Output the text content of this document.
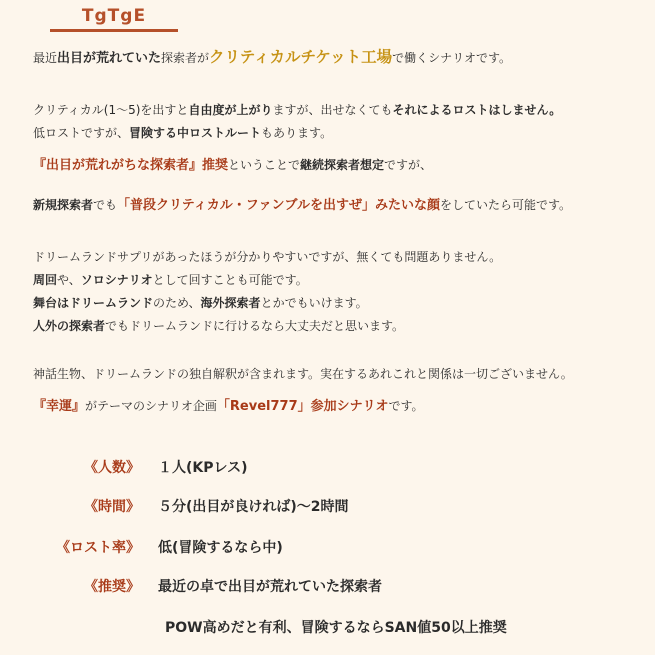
TgTgE
最近出目が荒れていた探索者がクリティカルチケット工場で働くシナリオです。
クリティカル(1～5)を出すと自由度が上がりますが、出せなくてもそれによるロストはしません。
低ロストですが、冒険する中ロストルートもあります。
『出目が荒れがちな探索者』推奨ということで継続探索者想定ですが、
新規探索者でも「普段クリティカル・ファンブルを出すぜ」みたいな顔をしていたら可能です。
ドリームランドサプリがあったほうが分かりやすいですが、無くても問題ありません。
周回や、ソロシナリオとして回すことも可能です。
舞台はドリームランドのため、海外探索者とかでもいけます。
人外の探索者でもドリームランドに行けるなら大丈夫だと思います。
神話生物、ドリームランドの独自解釈が含まれます。実在するあれこれと関係は一切ございません。
『幸運』がテーマのシナリオ企画「Revel777」参加シナリオです。
《人数》 １人(KPレス)
《時間》 ５分(出目が良ければ)～2時間
《ロスト率》 低(冒険するなら中)
《推奨》 最近の卓で出目が荒れていた探索者
POW高めだと有利、冒険するならSAN値50以上推奨
